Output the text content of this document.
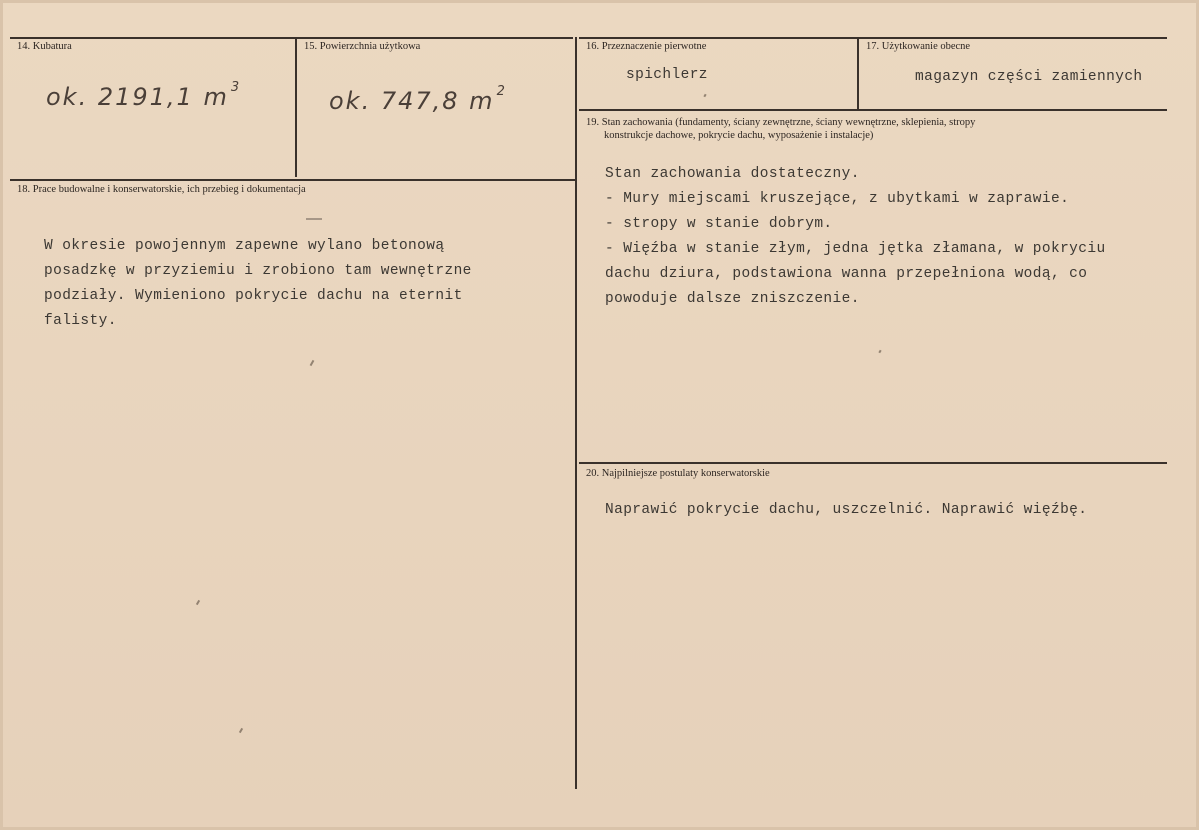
14. Kubatura
ok. 2191,1 m $^3$
15. Powierzchnia użytkowa
ok. 747,8 m $^2$
16. Przeznaczenie pierwotne
spichlerz
17. Użytkowanie obecne
magazyn części zamiennych
18. Prace budowalne i konserwatorskie, ich przebieg i dokumentacja
W okresie powojennym zapewne wylano betonową
posadzkę w przyziemiu i zrobiono tam wewnętrzne
podziały. Wymieniono pokrycie dachu na eternit
falisty.
19. Stan zachowania (fundamenty, ściany zewnętrzne, ściany wewnętrzne, sklepienia, stropy
konstrukcje dachowe, pokrycie dachu, wyposażenie i instalacje)
Stan zachowania dostateczny.
- Mury miejscami kruszejące, z ubytkami w zaprawie.
- stropy w stanie dobrym.
- Więźba w stanie złym, jedna jętka złamana, w pokryciu
dachu dziura, podstawiona wanna przepełniona wodą, co
powoduje dalsze zniszczenie.
20. Najpilniejsze postulaty konserwatorskie
Naprawić pokrycie dachu, uszczelnić. Naprawić więźbę.
